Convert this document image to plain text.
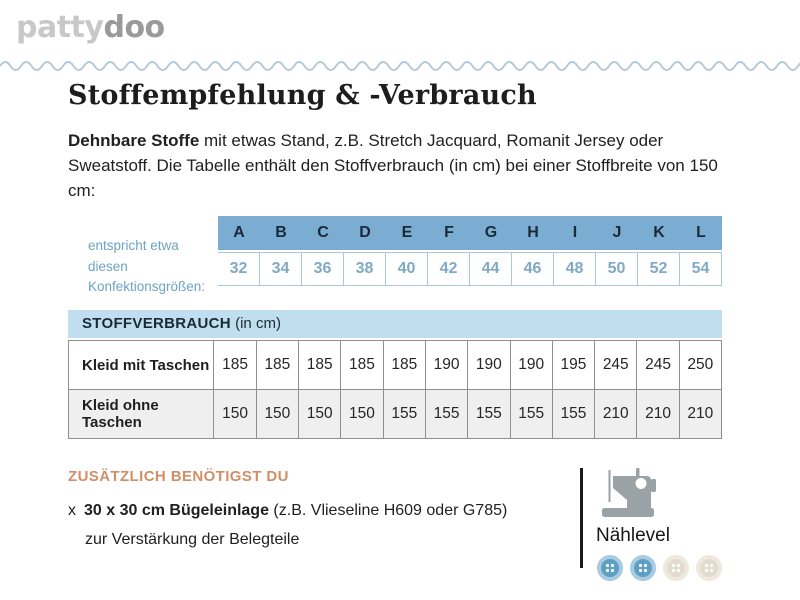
pattydoo
Stoffempfehlung & -Verbrauch

Dehnbare Stoffe mit etwas Stand, z.B. Stretch Jacquard, Romanit Jersey oder Sweatstoff. Die Tabelle enthält den Stoffverbrauch (in cm) bei einer Stoffbreite von 150 cm:

entspricht etwa diesen Konfektionsgrößen:
A	B	C	D	E	F	G	H	I	J	K	L
32	34	36	38	40	42	44	46	48	50	52	54
STOFFVERBRAUCH (in cm)
Kleid mit Taschen 185	185	185	185	185	190	190	190	195	245	245	250
Kleid ohne Taschen
150	150	150	150	155	155	155	155	155	210	210	210
ZUSÄTZLICH BENÖTIGST DU
x 30 x 30 cm Bügeleinlage (z.B. Vlieseline H609 oder G785)
zur Verstärkung der Belegteile	Nählevel
